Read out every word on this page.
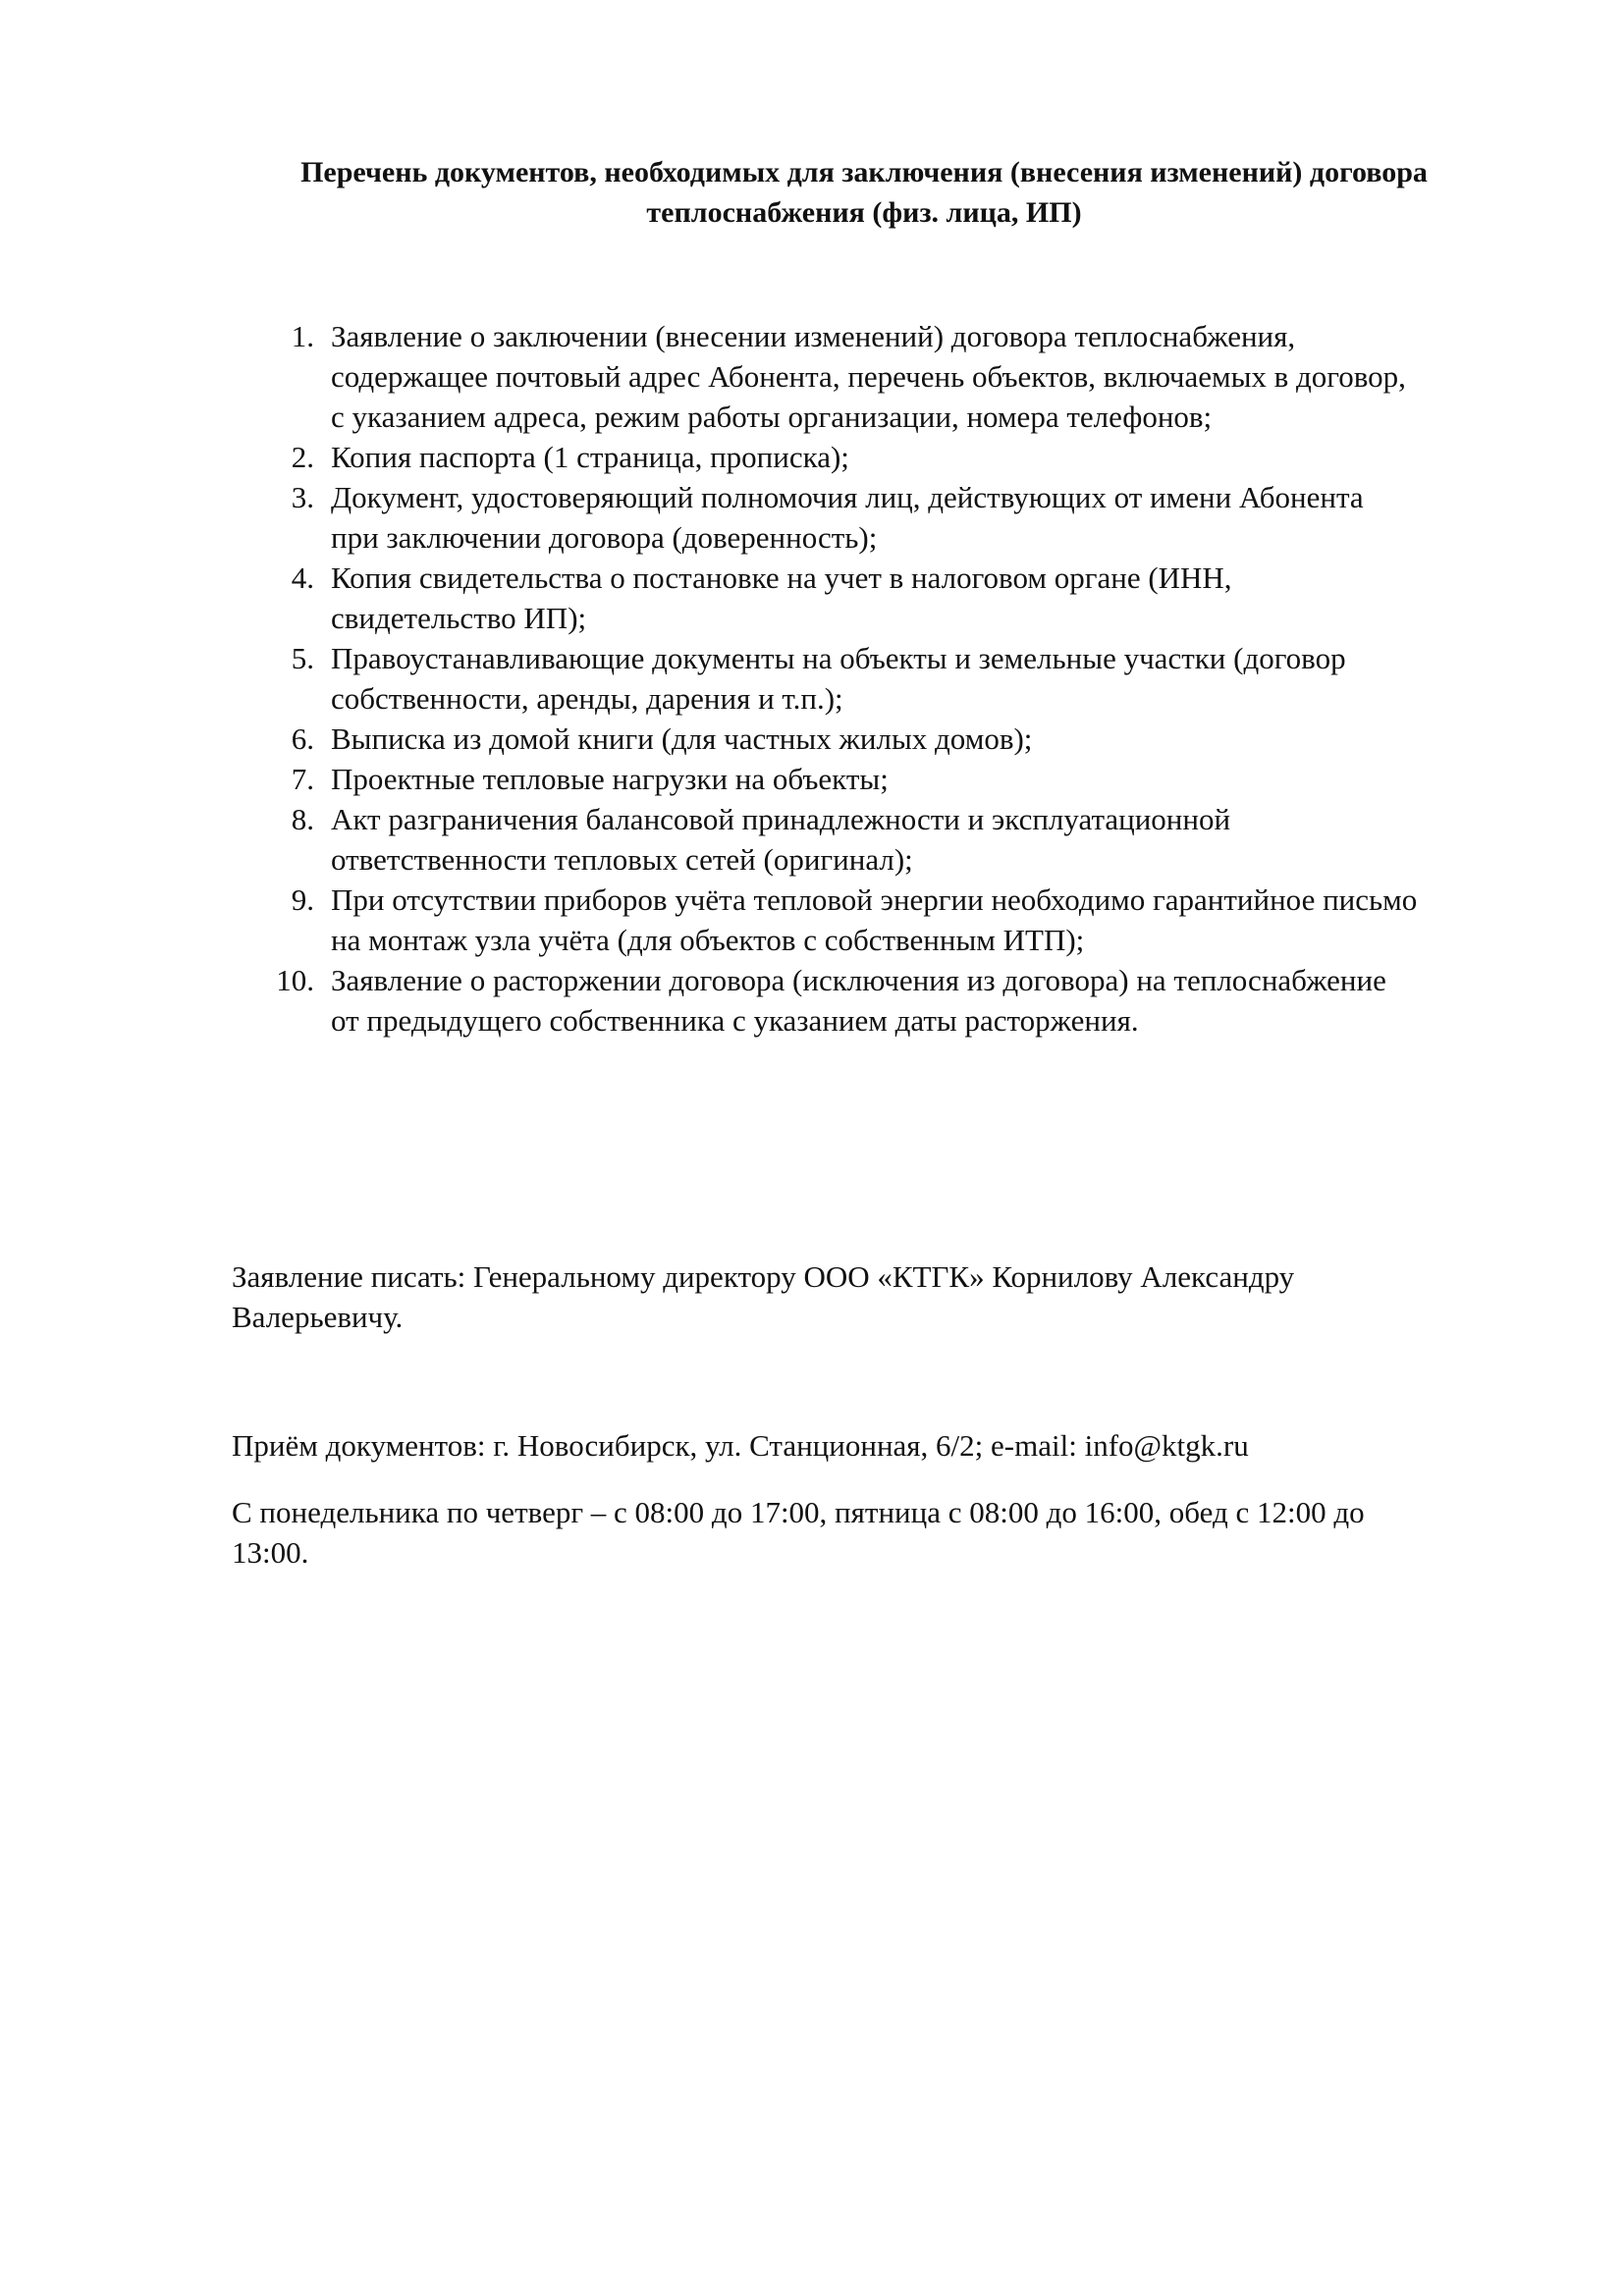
Перечень документов, необходимых для заключения (внесения изменений) договора
теплоснабжения (физ. лица, ИП)
1. Заявление о заключении (внесении изменений) договора теплоснабжения,
содержащее почтовый адрес Абонента, перечень объектов, включаемых в договор,
с указанием адреса, режим работы организации, номера телефонов;
2. Копия паспорта (1 страница, прописка);
3. Документ, удостоверяющий полномочия лиц, действующих от имени Абонента
при заключении договора (доверенность);
4. Копия свидетельства о постановке на учет в налоговом органе (ИНН,
свидетельство ИП);
5. Правоустанавливающие документы на объекты и земельные участки (договор
собственности, аренды, дарения и т.п.);
6. Выписка из домой книги (для частных жилых домов);
7. Проектные тепловые нагрузки на объекты;
8. Акт разграничения балансовой принадлежности и эксплуатационной
ответственности тепловых сетей (оригинал);
9. При отсутствии приборов учёта тепловой энергии необходимо гарантийное письмо
на монтаж узла учёта (для объектов с собственным ИТП);
10. Заявление о расторжении договора (исключения из договора) на теплоснабжение
от предыдущего собственника с указанием даты расторжения.
Заявление писать: Генеральному директору ООО «КТГК» Корнилову Александру
Валерьевичу.
Приём документов: г. Новосибирск, ул. Станционная, 6/2; e-mail: info@ktgk.ru
С понедельника по четверг – с 08:00 до 17:00, пятница с 08:00 до 16:00, обед с 12:00 до
13:00.
